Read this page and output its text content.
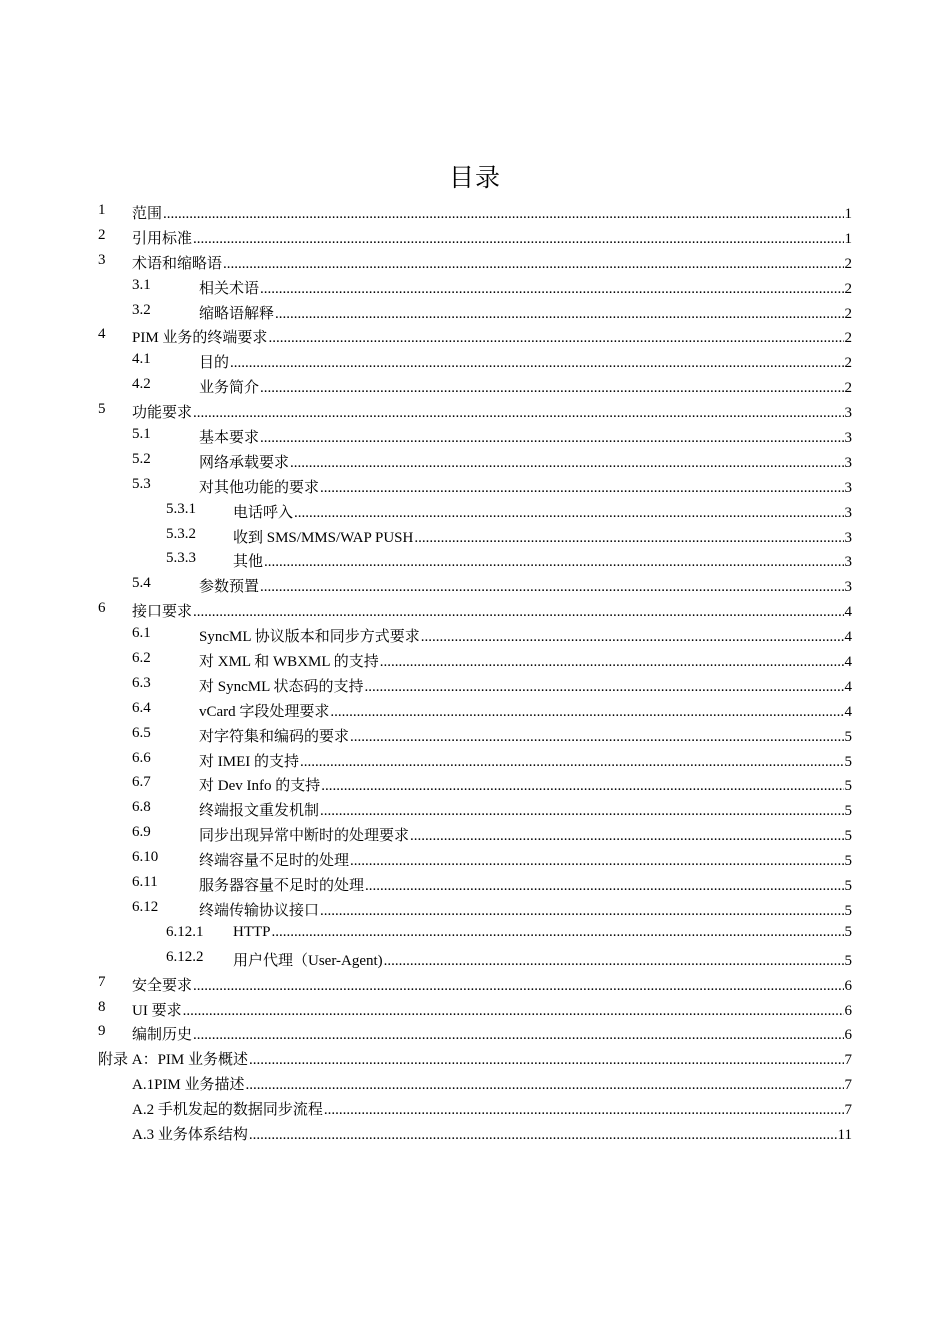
目录
1 范围 .....	1
2 引用标准 .....	1
3 术语和缩略语 .....	2
3.1	相关术语 .....	2
3.2	缩略语解释 .....	2
4 PIM 业务的终端要求 .....	2
4.1	目的 .....	2
4.2	业务简介 .....	2
5 功能要求 .....	3
5.1	基本要求 .....	3
5.2	网络承载要求 .....	3
5.3	对其他功能的要求 .....	3
5.3.1 电话呼入 .....	3
5.3.2 收到 SMS/MMS/WAP PUSH .....	3
5.3.3 其他 .....	3
5.4	参数预置 .....	3
6 接口要求 .....	4
6.1	SyncML 协议版本和同步方式要求 .....	4
6.2	对 XML 和 WBXML 的支持 .....	4
6.3	对 SyncML 状态码的支持 .....	4
6.4	vCard 字段处理要求 .....	4
6.5	对字符集和编码的要求 .....	5
6.6	对 IMEI 的支持 .....	5
6.7	对 Dev Info 的支持 .....	5
6.8	终端报文重发机制 .....	5
6.9	同步出现异常中断时的处理要求 .....	5
6.10	终端容量不足时的处理 .....	5
6.11	服务器容量不足时的处理 .....	5
6.12	终端传输协议接口 .....	5
6.12.1 HTTP .....	5
6.12.2 用户代理（User-Agent) .....	5
7 安全要求 .....	6
8 UI 要求 .....	6
9 编制历史 .....	6
附录 A：PIM 业务概述 .....	7
A.1PIM 业务描述 .....	7
A.2 手机发起的数据同步流程 .....	7
A.3 业务体系结构 .....	11
